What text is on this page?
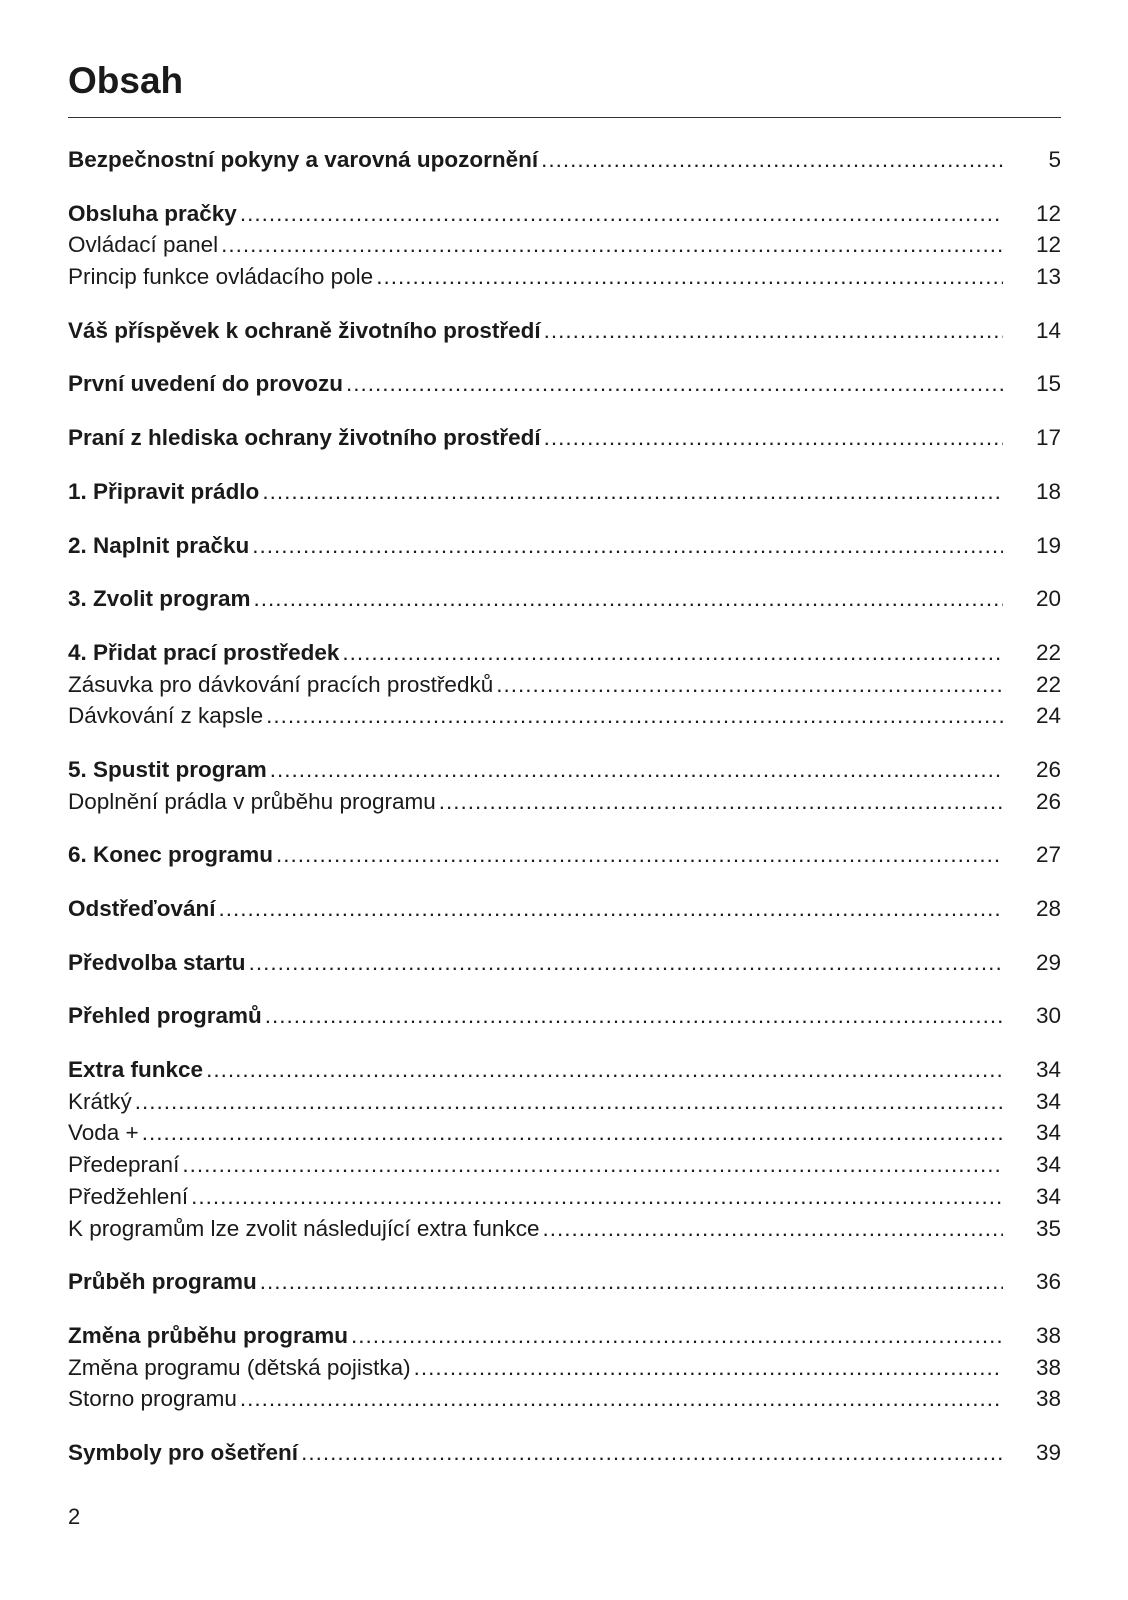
Obsah
Bezpečnostní pokyny a varovná upozornění .....	5
Obsluha pračky .....	12
Ovládací panel .....	12
Princip funkce ovládacího pole .....	13
Váš příspěvek k ochraně životního prostředí .....	14
První uvedení do provozu .....	15
Praní z hlediska ochrany životního prostředí .....	17
1. Připravit prádlo .....	18
2. Naplnit pračku .....	19
3. Zvolit program .....	20
4. Přidat prací prostředek .....	22
Zásuvka pro dávkování pracích prostředků .....	22
Dávkování z kapsle .....	24
5. Spustit program .....	26
Doplnění prádla v průběhu programu .....	26
6. Konec programu .....	27
Odstřeďování .....	28
Předvolba startu .....	29
Přehled programů .....	30
Extra funkce .....	34
Krátký .....	34
Voda + .....	34
Předepraní .....	34
Předžehlení .....	34
K programům lze zvolit následující extra funkce .....	35
Průběh programu .....	36
Změna průběhu programu .....	38
Změna programu (dětská pojistka) .....	38
Storno programu .....	38
Symboly pro ošetření .....	39
2
